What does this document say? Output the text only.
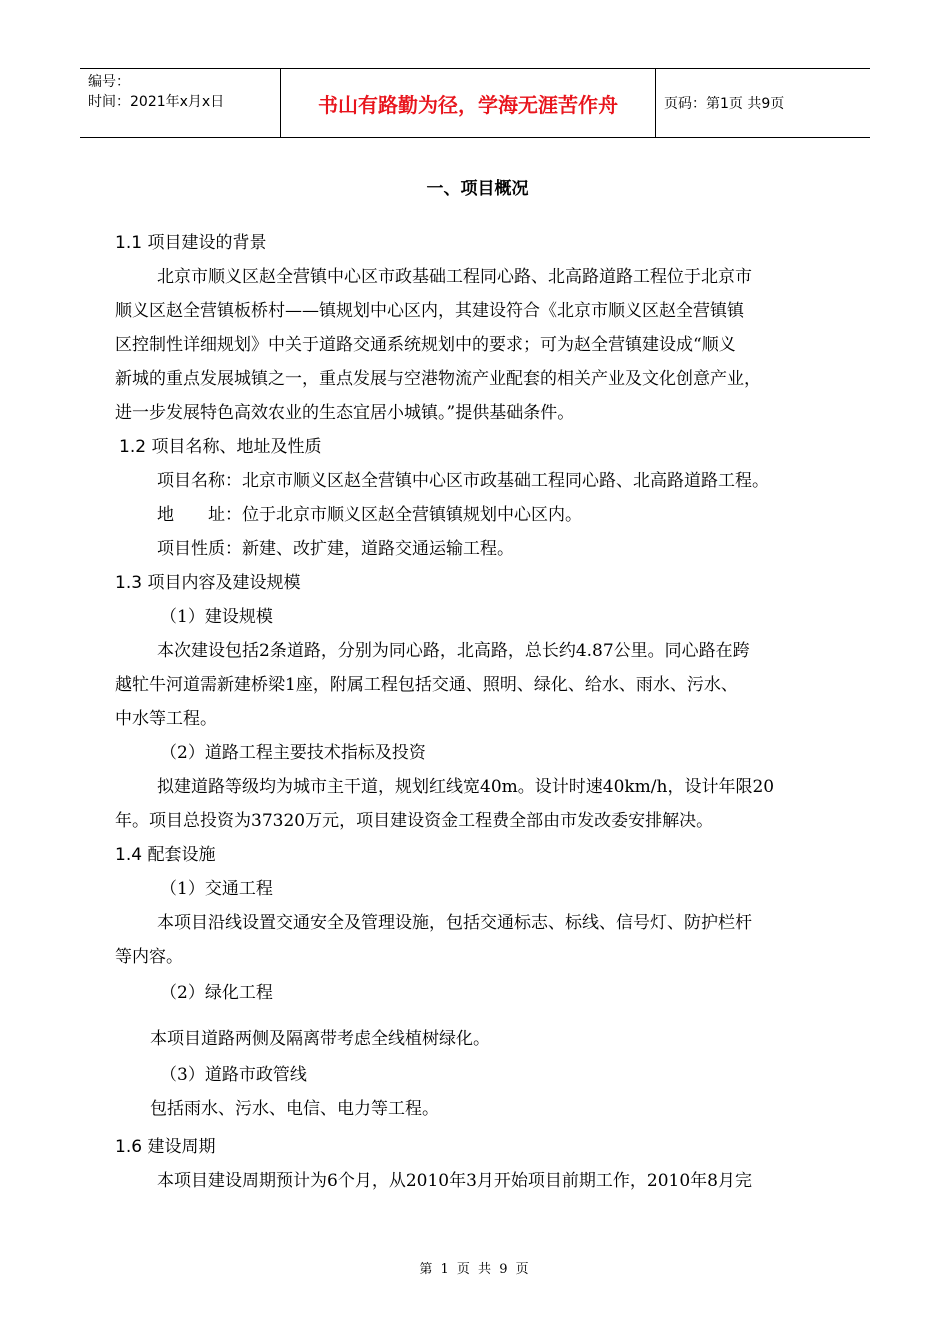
编号：
时间：2021年x月x日	书山有路勤为径，学海无涯苦作舟	页码：第1页 共9页
一、项目概况
1.1 项目建设的背景
北京市顺义区赵全营镇中心区市政基础工程同心路、北高路道路工程位于北京市
顺义区赵全营镇板桥村——镇规划中心区内，其建设符合《北京市顺义区赵全营镇镇
区控制性详细规划》中关于道路交通系统规划中的要求；可为赵全营镇建设成“顺义
新城的重点发展城镇之一，重点发展与空港物流产业配套的相关产业及文化创意产业，
进一步发展特色高效农业的生态宜居小城镇。”提供基础条件。
1.2 项目名称、地址及性质
项目名称：北京市顺义区赵全营镇中心区市政基础工程同心路、北高路道路工程。
地　　址：位于北京市顺义区赵全营镇镇规划中心区内。
项目性质：新建、改扩建，道路交通运输工程。
1.3 项目内容及建设规模
（1）建设规模
本次建设包括2条道路，分别为同心路，北高路，总长约4.87公里。同心路在跨
越牤牛河道需新建桥梁1座，附属工程包括交通、照明、绿化、给水、雨水、污水、
中水等工程。
（2）道路工程主要技术指标及投资
拟建道路等级均为城市主干道，规划红线宽40m。设计时速40km/h，设计年限20
年。项目总投资为37320万元，项目建设资金工程费全部由市发改委安排解决。
1.4 配套设施
（1）交通工程
本项目沿线设置交通安全及管理设施，包括交通标志、标线、信号灯、防护栏杆
等内容。
（2）绿化工程
本项目道路两侧及隔离带考虑全线植树绿化。
（3）道路市政管线
包括雨水、污水、电信、电力等工程。
1.6 建设周期
本项目建设周期预计为6个月，从2010年3月开始项目前期工作，2010年8月完
第 1 页 共 9 页
